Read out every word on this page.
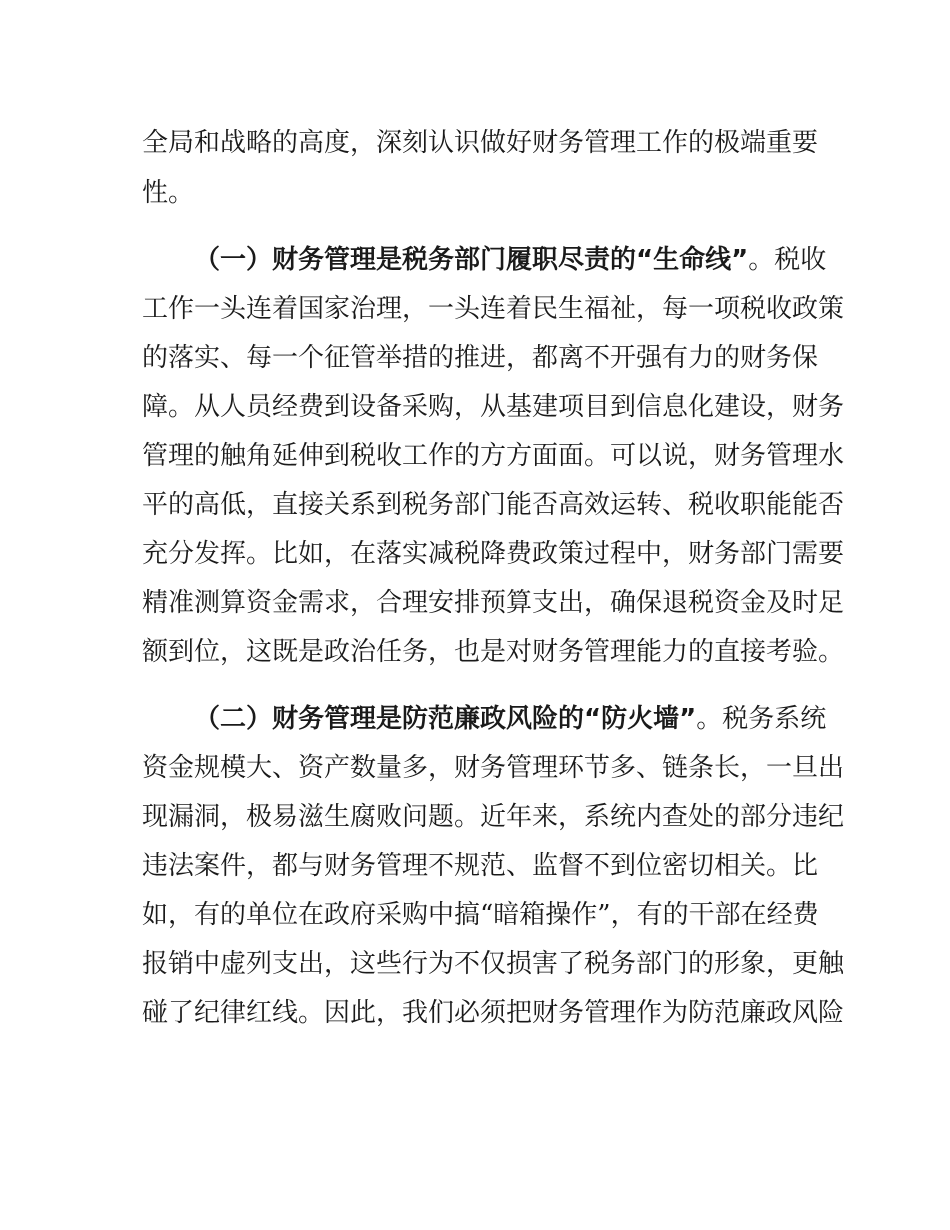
全局和战略的高度，深刻认识做好财务管理工作的极端重要
性。
（一）财务管理是税务部门履职尽责的“生命线”。税收
工作一头连着国家治理，一头连着民生福祉，每一项税收政策
的落实、每一个征管举措的推进，都离不开强有力的财务保
障。从人员经费到设备采购，从基建项目到信息化建设，财务
管理的触角延伸到税收工作的方方面面。可以说，财务管理水
平的高低，直接关系到税务部门能否高效运转、税收职能能否
充分发挥。比如，在落实减税降费政策过程中，财务部门需要
精准测算资金需求，合理安排预算支出，确保退税资金及时足
额到位，这既是政治任务，也是对财务管理能力的直接考验。
（二）财务管理是防范廉政风险的“防火墙”。税务系统
资金规模大、资产数量多，财务管理环节多、链条长，一旦出
现漏洞，极易滋生腐败问题。近年来，系统内查处的部分违纪
违法案件，都与财务管理不规范、监督不到位密切相关。比
如，有的单位在政府采购中搞“暗箱操作”，有的干部在经费
报销中虚列支出，这些行为不仅损害了税务部门的形象，更触
碰了纪律红线。因此，我们必须把财务管理作为防范廉政风险
